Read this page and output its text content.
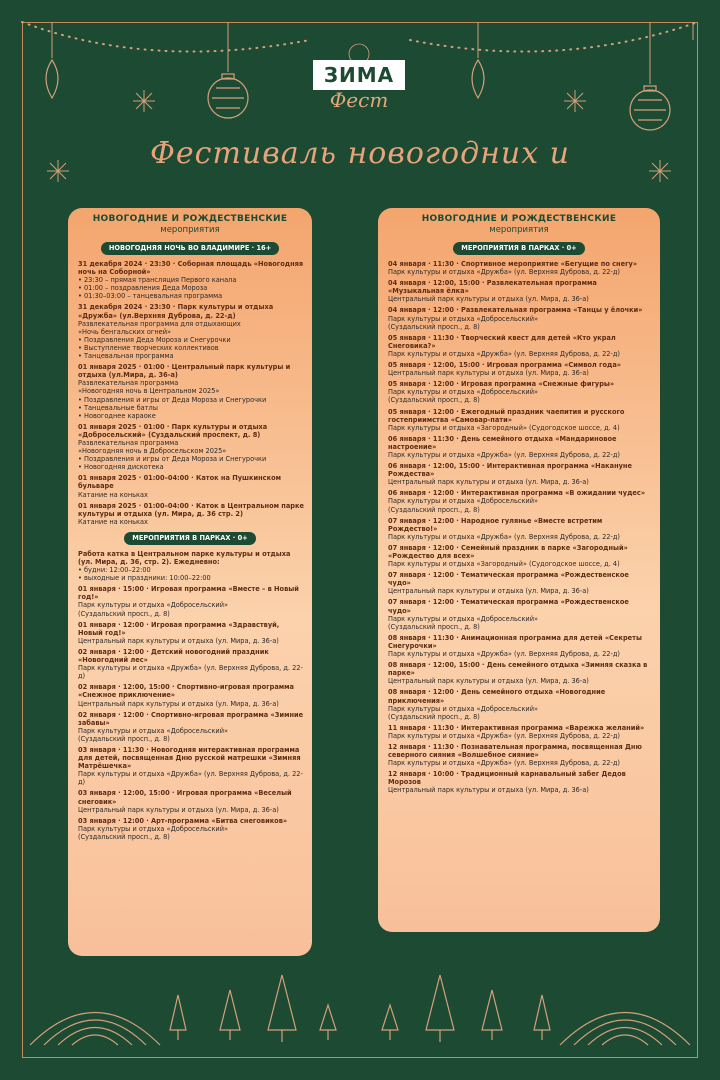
ЗИМА
Фест
Фестиваль новогодних и
НОВОГОДНИЕ И РОЖДЕСТВЕНСКИЕ
мероприятия
НОВОГОДНЯЯ НОЧЬ ВО ВЛАДИМИРЕ · 16+
31 декабря 2024 · 23:30 · Соборная площадь «Новогодняя ночь на Соборной»
• 23:30 – прямая трансляция Первого канала
• 01:00 – поздравления Деда Мороза
• 01:30–03:00 – танцевальная программа
31 декабря 2024 · 23:30 · Парк культуры и отдыха «Дружба» (ул.Верхняя Дуброва, д. 22-д)
Развлекательная программа для отдыхающих
«Ночь бенгальских огней»
• Поздравления Деда Мороза и Снегурочки
• Выступление творческих коллективов
• Танцевальная программа
01 января 2025 · 01:00 · Центральный парк культуры и отдыха (ул.Мира, д. 36-а)
Развлекательная программа
«Новогодняя ночь в Центральном 2025»
• Поздравления и игры от Деда Мороза и Снегурочки
• Танцевальные батлы
• Новогоднее караоке
01 января 2025 · 01:00 · Парк культуры и отдыха «Добросельский» (Суздальский проспект, д. 8)
Развлекательная программа
«Новогодняя ночь в Добросельском 2025»
• Поздравления и игры от Деда Мороза и Снегурочки
• Новогодняя дискотека
01 января 2025 · 01:00–04:00 · Каток на Пушкинском бульваре
Катание на коньках
01 января 2025 · 01:00–04:00 · Каток в Центральном парке культуры и отдыха (ул. Мира, д. 36 стр. 2)
Катание на коньках
МЕРОПРИЯТИЯ В ПАРКАХ · 0+
Работа катка в Центральном парке культуры и отдыха (ул. Мира, д. 36, стр. 2). Ежедневно:
• будни: 12:00–22:00
• выходные и праздники: 10:00–22:00
01 января · 15:00 · Игровая программа «Вместе – в Новый год!»
Парк культуры и отдыха «Добросельский»
(Суздальский просп., д. 8)
01 января · 12:00 · Игровая программа «Здравствуй, Новый год!»
Центральный парк культуры и отдыха (ул. Мира, д. 36-а)
02 января · 12:00 · Детский новогодний праздник «Новогодний лес»
Парк культуры и отдыха «Дружба» (ул. Верхняя Дуброва, д. 22-д)
02 января · 12:00, 15:00 · Спортивно-игровая программа «Снежное приключение»
Центральный парк культуры и отдыха (ул. Мира, д. 36-а)
02 января · 12:00 · Спортивно-игровая программа «Зимние забавы»
Парк культуры и отдыха «Добросельский»
(Суздальский просп., д. 8)
03 января · 11:30 · Новогодняя интерактивная программа для детей, посвященная Дню русской матрешки «Зимняя Матрёшечка»
Парк культуры и отдыха «Дружба» (ул. Верхняя Дуброва, д. 22-д)
03 января · 12:00, 15:00 · Игровая программа «Веселый снеговик»
Центральный парк культуры и отдыха (ул. Мира, д. 36-а)
03 января · 12:00 · Арт-программа «Битва снеговиков»
Парк культуры и отдыха «Добросельский»
(Суздальский просп., д. 8)
НОВОГОДНИЕ И РОЖДЕСТВЕНСКИЕ
мероприятия
МЕРОПРИЯТИЯ В ПАРКАХ · 0+
04 января · 11:30 · Спортивное мероприятие «Бегущие по снегу»
Парк культуры и отдыха «Дружба» (ул. Верхняя Дуброва, д. 22-д)
04 января · 12:00, 15:00 · Развлекательная программа «Музыкальная ёлка»
Центральный парк культуры и отдыха (ул. Мира, д. 36-а)
04 января · 12:00 · Развлекательная программа «Танцы у ёлочки»
Парк культуры и отдыха «Добросельский»
(Суздальский просп., д. 8)
05 января · 11:30 · Творческий квест для детей «Кто украл Снеговика?»
Парк культуры и отдыха «Дружба» (ул. Верхняя Дуброва, д. 22-д)
05 января · 12:00, 15:00 · Игровая программа «Символ года»
Центральный парк культуры и отдыха (ул. Мира, д. 36-а)
05 января · 12:00 · Игровая программа «Снежные фигуры»
Парк культуры и отдыха «Добросельский»
(Суздальский просп., д. 8)
05 января · 12:00 · Ежегодный праздник чаепития и русского гостеприимства «Самовар-пати»
Парк культуры и отдыха «Загородный» (Судогодское шоссе, д. 4)
06 января · 11:30 · День семейного отдыха «Мандариновое настроение»
Парк культуры и отдыха «Дружба» (ул. Верхняя Дуброва, д. 22-д)
06 января · 12:00, 15:00 · Интерактивная программа «Накануне Рождества»
Центральный парк культуры и отдыха (ул. Мира, д. 36-а)
06 января · 12:00 · Интерактивная программа «В ожидании чудес»
Парк культуры и отдыха «Добросельский»
(Суздальский просп., д. 8)
07 января · 12:00 · Народное гулянье «Вместе встретим Рождество!»
Парк культуры и отдыха «Дружба» (ул. Верхняя Дуброва, д. 22-д)
07 января · 12:00 · Семейный праздник в парке «Загородный» «Рождество для всех»
Парк культуры и отдыха «Загородный» (Судогодское шоссе, д. 4)
07 января · 12:00 · Тематическая программа «Рождественское чудо»
Центральный парк культуры и отдыха (ул. Мира, д. 36-а)
07 января · 12:00 · Тематическая программа «Рождественское чудо»
Парк культуры и отдыха «Добросельский»
(Суздальский просп., д. 8)
08 января · 11:30 · Анимационная программа для детей «Секреты Снегурочки»
Парк культуры и отдыха «Дружба» (ул. Верхняя Дуброва, д. 22-д)
08 января · 12:00, 15:00 · День семейного отдыха «Зимняя сказка в парке»
Центральный парк культуры и отдыха (ул. Мира, д. 36-а)
08 января · 12:00 · День семейного отдыха «Новогодние приключения»
Парк культуры и отдыха «Добросельский»
(Суздальский просп., д. 8)
11 января · 11:30 · Интерактивная программа «Варежка желаний»
Парк культуры и отдыха «Дружба» (ул. Верхняя Дуброва, д. 22-д)
12 января · 11:30 · Познавательная программа, посвященная Дню северного сияния «Волшебное сияние»
Парк культуры и отдыха «Дружба» (ул. Верхняя Дуброва, д. 22-д)
12 января · 10:00 · Традиционный карнавальный забег Дедов Морозов
Центральный парк культуры и отдыха (ул. Мира, д. 36-а)
